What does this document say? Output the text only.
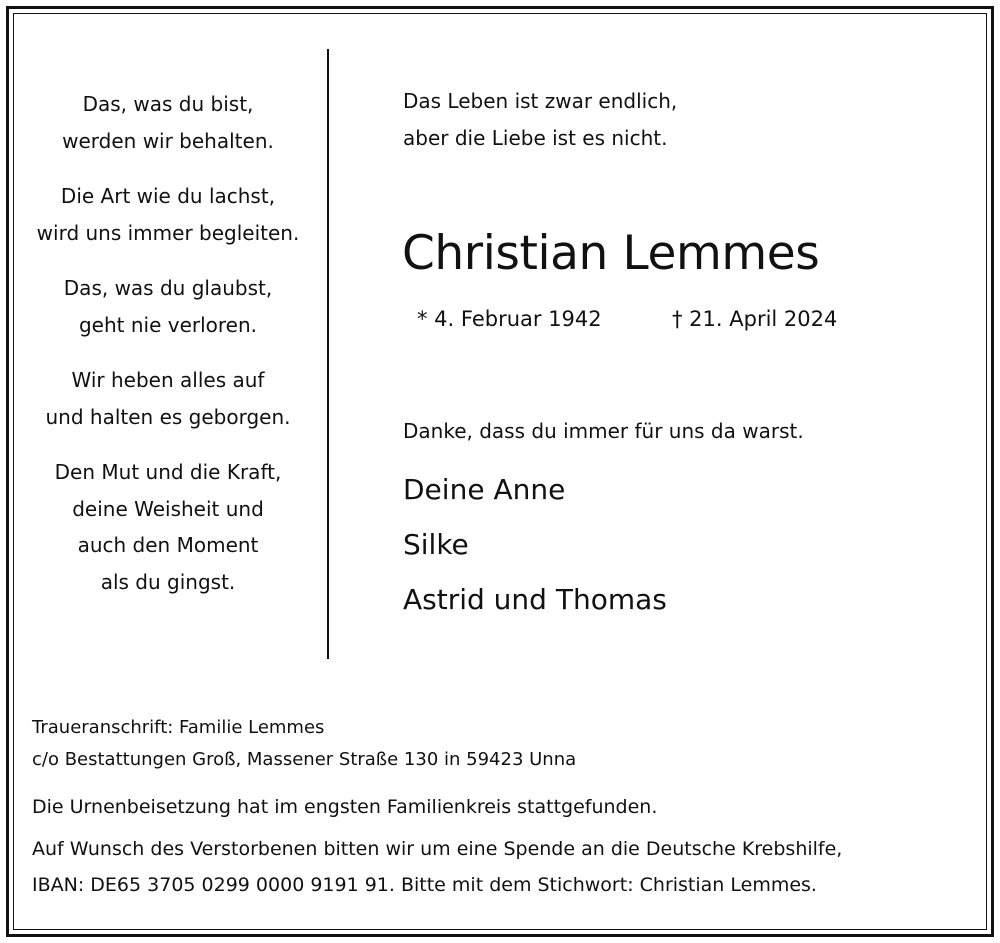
Das, was du bist,
werden wir behalten.
Die Art wie du lachst,
wird uns immer begleiten.
Das, was du glaubst,
geht nie verloren.
Wir heben alles auf
und halten es geborgen.
Den Mut und die Kraft,
deine Weisheit und
auch den Moment
als du gingst.
Das Leben ist zwar endlich,
aber die Liebe ist es nicht.
Christian Lemmes
* 4. Februar 1942	† 21. April 2024
Danke, dass du immer für uns da warst.
Deine Anne
Silke
Astrid und Thomas
Traueranschrift: Familie Lemmes
c/o Bestattungen Groß, Massener Straße 130 in 59423 Unna
Die Urnenbeisetzung hat im engsten Familienkreis stattgefunden.
Auf Wunsch des Verstorbenen bitten wir um eine Spende an die Deutsche Krebshilfe,
IBAN: DE65 3705 0299 0000 9191 91. Bitte mit dem Stichwort: Christian Lemmes.
